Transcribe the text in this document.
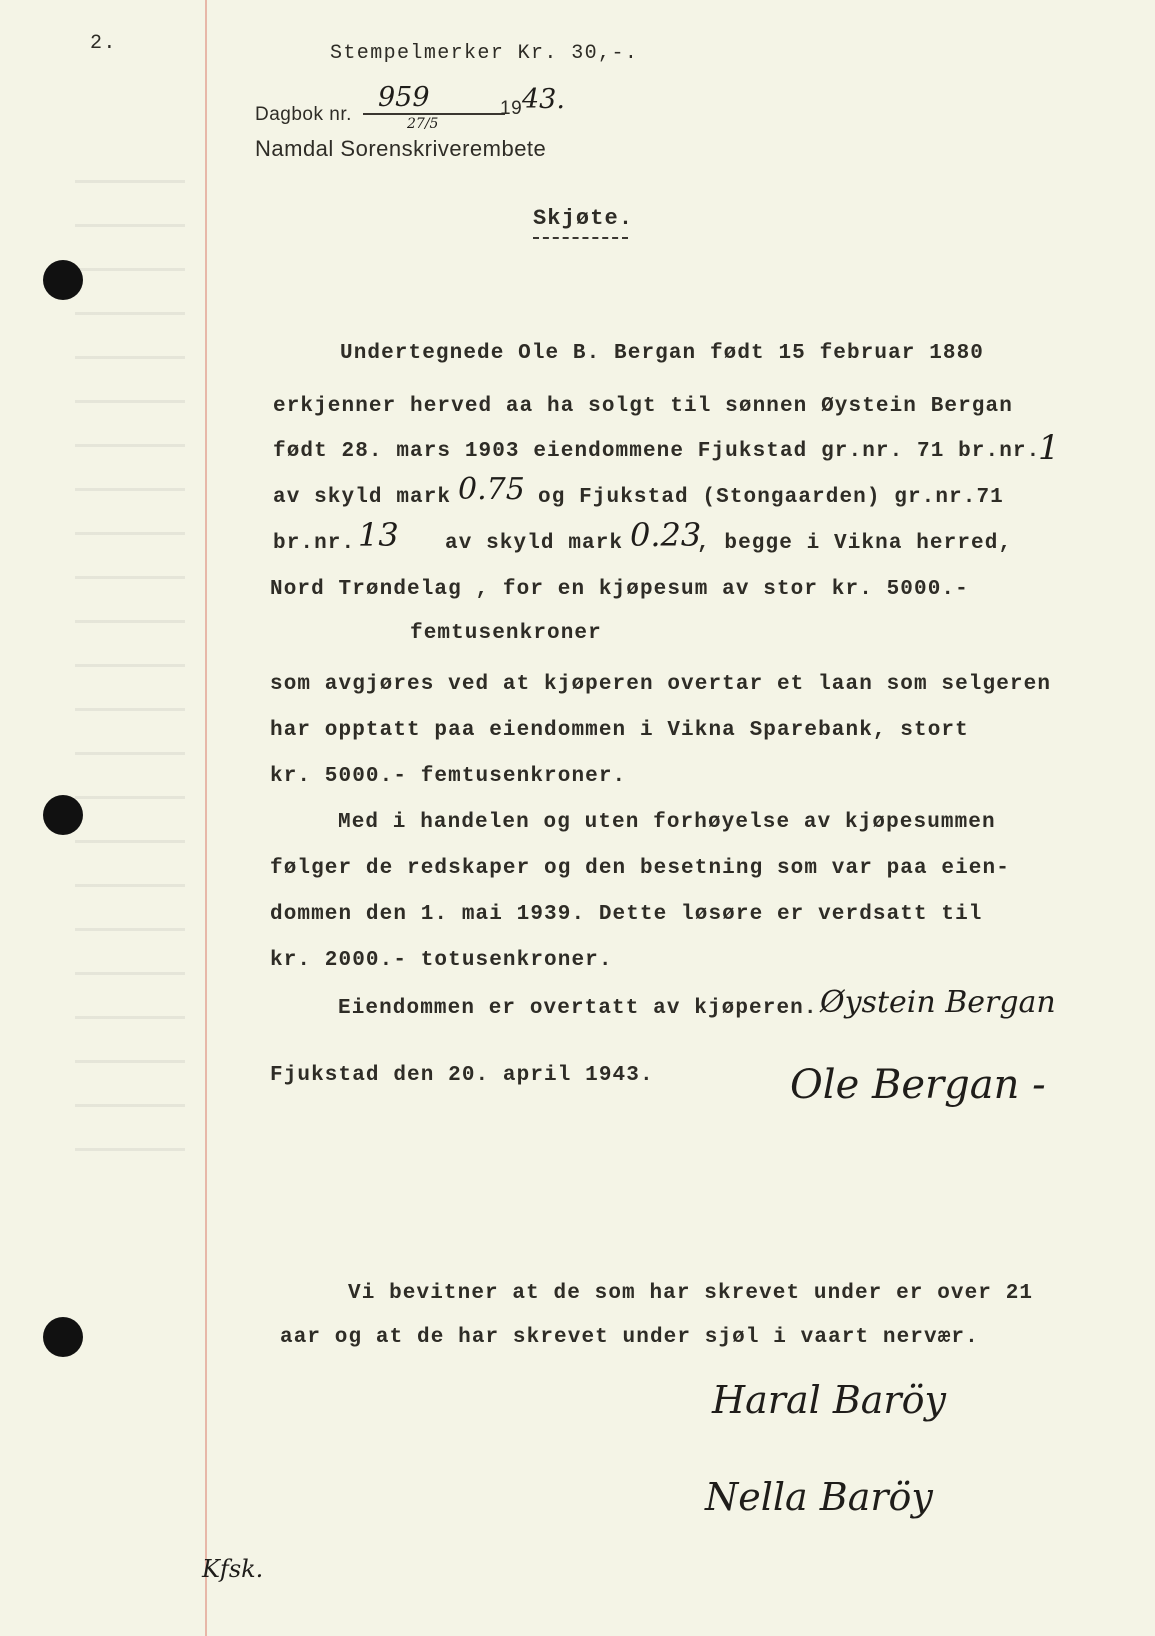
2.	Stempelmerker Kr. 30,-.
Dagbok nr.
959	19 43.
27/5
Namdal Sorenskriverembete
Skjøte.
Undertegnede Ole B. Bergan født 15 februar 1880
erkjenner herved aa ha solgt til sønnen Øystein Bergan
født 28. mars 1903 eiendommene Fjukstad gr.nr. 71 br.nr.
1
av skyld mark 0.75 og Fjukstad (Stongaarden) gr.nr.71
br.nr. 13 av skyld mark 0.23
, begge i Vikna herred,
Nord Trøndelag , for en kjøpesum av stor kr. 5000.-
femtusenkroner
som avgjøres ved at kjøperen overtar et laan som selgeren
har opptatt paa eiendommen i Vikna Sparebank, stort
kr. 5000.- femtusenkroner.
Med i handelen og uten forhøyelse av kjøpesummen
følger de redskaper og den besetning som var paa eien-
dommen den 1. mai 1939. Dette løsøre er verdsatt til
kr. 2000.- totusenkroner.
Eiendommen er overtatt av kjøperen. Øystein Bergan
Fjukstad den 20. april 1943.	Ole Bergan -
Vi bevitner at de som har skrevet under er over 21
aar og at de har skrevet under sjøl i vaart nervær.
Haral Baröy
Nella Baröy
Kfsk.
